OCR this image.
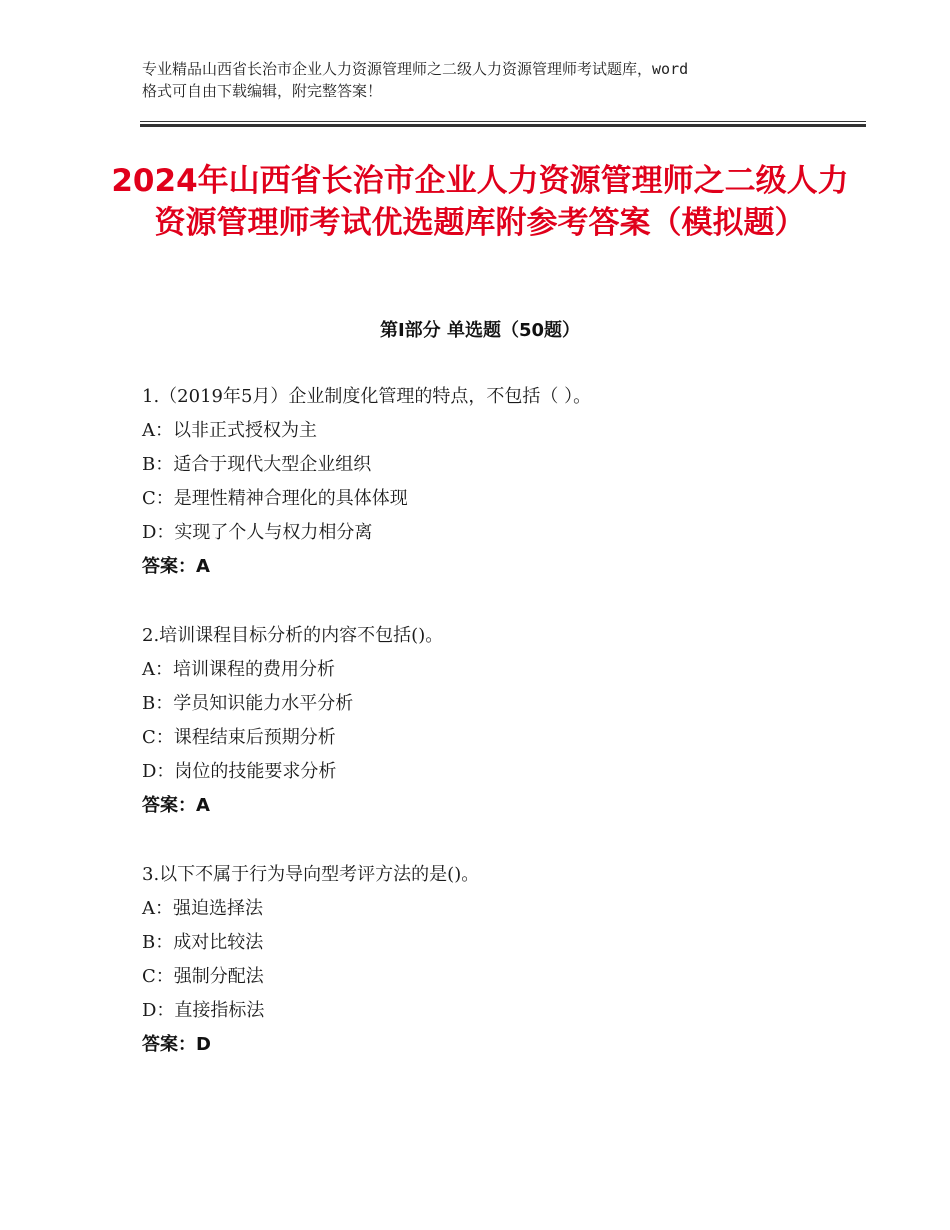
专业精品山西省长治市企业人力资源管理师之二级人力资源管理师考试题库，word
格式可自由下载编辑，附完整答案！
2024年山西省长治市企业人力资源管理师之二级人力资源管理师考试优选题库附参考答案（模拟题）
第Ⅰ部分 单选题（50题）
1.（2019年5月）企业制度化管理的特点，不包括（ ）。
A：以非正式授权为主
B：适合于现代大型企业组织
C：是理性精神合理化的具体体现
D：实现了个人与权力相分离
答案：A
2.培训课程目标分析的内容不包括()。
A：培训课程的费用分析
B：学员知识能力水平分析
C：课程结束后预期分析
D：岗位的技能要求分析
答案：A
3.以下不属于行为导向型考评方法的是()。
A：强迫选择法
B：成对比较法
C：强制分配法
D：直接指标法
答案：D
